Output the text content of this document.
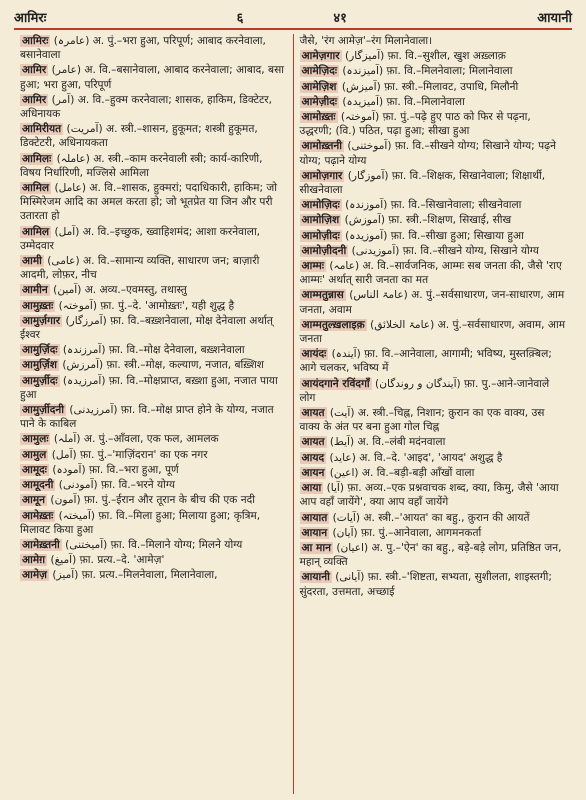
आमिरः	६	४१	आयानी

आमिरः (عامرہ) अ. पुं.–भरा हुआ, परिपूर्ण; आबाद करनेवाला, बसानेवाला

आमिर (عامر) अ. वि.–बसानेवाला, आबाद करनेवाला; आबाद, बसा हुआ; भरा हुआ, परिपूर्ण

आमिर (آمر) अ. वि.–हुक्म करनेवाला; शासक, हाकिम, डिक्टेटर, अधिनायक

आमिरीयत (آمریت) अ. स्त्री.–शासन, हुकूमत; शस्त्री हुकूमत, डिक्टेटरी, अधिनायकता

आमिलः (عاملہ) अ. स्त्री.–काम करनेवाली स्त्री; कार्य-कारिणी, विषय निर्धारिणी, मज्लिसे आमिला

आमिल (عامل) अ. वि.–शासक, हुक्मरां; पदाधिकारी, हाकिम; जो मिस्मिरेजम आदि का अमल करता हो; जो भूतप्रेत या जिन और परी उतारता हो

आमिल (آمل) अ. वि.–इच्छुक, ख्वाहिशमंद; आशा करनेवाला, उम्मेदवार

आमी (عامی) अ. वि.–सामान्य व्यक्ति, साधारण जन; बाज़ारी आदमी, लोफ़र, नीच

आमीन (آمین) अ. अव्य.–एवमस्तु, तथास्तु

आमुख़्तः (آموختہ) फ़ा. पुं.–दे. 'आमोख़्तः', यही शुद्ध है

आमुर्ज़गार (آمرزگار) फ़ा. वि.–बख़्शनेवाला, मोक्ष देनेवाला अर्थात् ईश्वर

आमुर्ज़िदः (آمرزندہ) फ़ा. वि.–मोक्ष देनेवाला, बख़्शनेवाला

आमुर्ज़िश (آمرزش) फ़ा. स्त्री.–मोक्ष, कल्याण, नजात, बख़्शिश

आमुर्ज़ीदः (آمرزیدہ) फ़ा. वि.–मोक्षप्राप्त, बख़्शा हुआ, नजात पाया हुआ

आमुर्ज़ीदनी (آمرزیدنی) फ़ा. वि.–मोक्ष प्राप्त होने के योग्य, नजात पाने के काबिल

आमुलः (آملہ) अ. पुं.–आँवला, एक फल, आमलक

आमुल (آمل) फ़ा. पुं.–'माज़िंदरान' का एक नगर

आमूदः (آمودہ) फ़ा. वि.–भरा हुआ, पूर्ण

आमूदनी (آمودنی) फ़ा. वि.–भरने योग्य

आमून (آمون) फ़ा. पुं.–ईरान और तूरान के बीच की एक नदी

आमेख़्तः (آمیختہ) फ़ा. वि.–मिला हुआ; मिलाया हुआ; कृत्रिम, मिलावट किया हुआ

आमेख़्तनी (آمیختنی) फ़ा. वि.–मिलाने योग्य; मिलने योग्य

आमेग़ (آمیغ) फ़ा. प्रत्य.–दे. 'आमेज़'

आमेज़ (آمیز) फ़ा. प्रत्य.–मिलनेवाला, मिलानेवाला,

जैसे, 'रंग आमेज़'–रंग मिलानेवाला।

आमेज़गार (آمیزگار) फ़ा. वि.–सुशील, खुश अख़्लाक़

आमेज़िदः (آمیزندہ) फ़ा. वि.–मिलनेवाला; मिलानेवाला

आमेज़िश (آمیزش) फ़ा. स्त्री.–मिलावट, उपाधि, मिलौनी

आमेज़ीदः (آمیزیدہ) फ़ा. वि.–मिलानेवाला

आमोख़्तः (آموختہ) फ़ा. पुं.–पढ़े हुए पाठ को फिर से पढ़ना, उद्धरणी; (वि.) पठित, पढ़ा हुआ; सीखा हुआ

आमोख़्तनी (آموختنی) फ़ा. वि.–सीखने योग्य; सिखाने योग्य; पढ़ने योग्य; पढ़ाने योग्य

आमोज़गार (آموزگار) फ़ा. वि.–शिक्षक, सिखानेवाला; शिक्षार्थी, सीखनेवाला

आमोज़िदः (آموزندہ) फ़ा. वि.–सिखानेवाला; सीखनेवाला

आमोज़िश (آموزش) फ़ा. स्त्री.–शिक्षण, सिखाई, सीख

आमोज़ीदः (آموزیدہ) फ़ा. वि.–सीखा हुआ; सिखाया हुआ

आमोज़ीदनी (آموزیدنی) फ़ा. वि.–सीखने योग्य, सिखाने योग्य

आम्मः (عامہ) अ. वि.–सार्वजनिक, आम्मः सब जनता की, जैसे 'राए आम्मः' अर्थात् सारी जनता का मत

आम्मतुन्नास (عامۃ الناس) अ. पुं.–सर्वसाधारण, जन-साधारण, आम जनता, अवाम

आम्मतुल्ख़लाइक़ (عامۃ الخلائق) अ. पुं.–सर्वसाधारण, अवाम, आम जनता

आयंदः (آیندہ) फ़ा. वि.–आनेवाला, आगामी; भविष्य, मुस्तक़्बिल; आगे चलकर, भविष्य में

आयंदगाने रविंदगाँ (آیندگان و روندگان) फ़ा. पु.–आने-जानेवाले लोग

आयत (آیت) अ. स्त्री.–चिह्न, निशान; क़ुरान का एक वाक्य, उस वाक्य के अंत पर बना हुआ गोल चिह्न

आयत (آیط) अ. वि.–लंबी मदंनवाला

आयद (عاید) अ. वि.–दे. 'आइद', 'आयद' अशुद्ध है

आयन (اعین) अ. वि.–बड़ी-बड़ी आँखों वाला

आया (آیا) फ़ा. अव्य.–एक प्रश्नवाचक शब्द, क्या, किमु, जैसे 'आया आप वहाँ जायेंगे', क्या आप वहाँ जायेंगे

आयात (آیات) अ. स्त्री.–'आयत' का बहु., क़ुरान की आयतें

आयान (آیان) फ़ा. पुं.–आनेवाला, आगमनकर्ता

आ मान (اعیان) अ. पु.–'ऐन' का बहु., बड़े-बड़े लोग, प्रतिष्ठित जन, महान् व्यक्ति

आयानी (آیانی) फ़ा. स्त्री.–'शिष्टता, सभ्यता, सुशीलता, शाइस्तगी; सुंदरता, उत्तमता, अच्छाई
